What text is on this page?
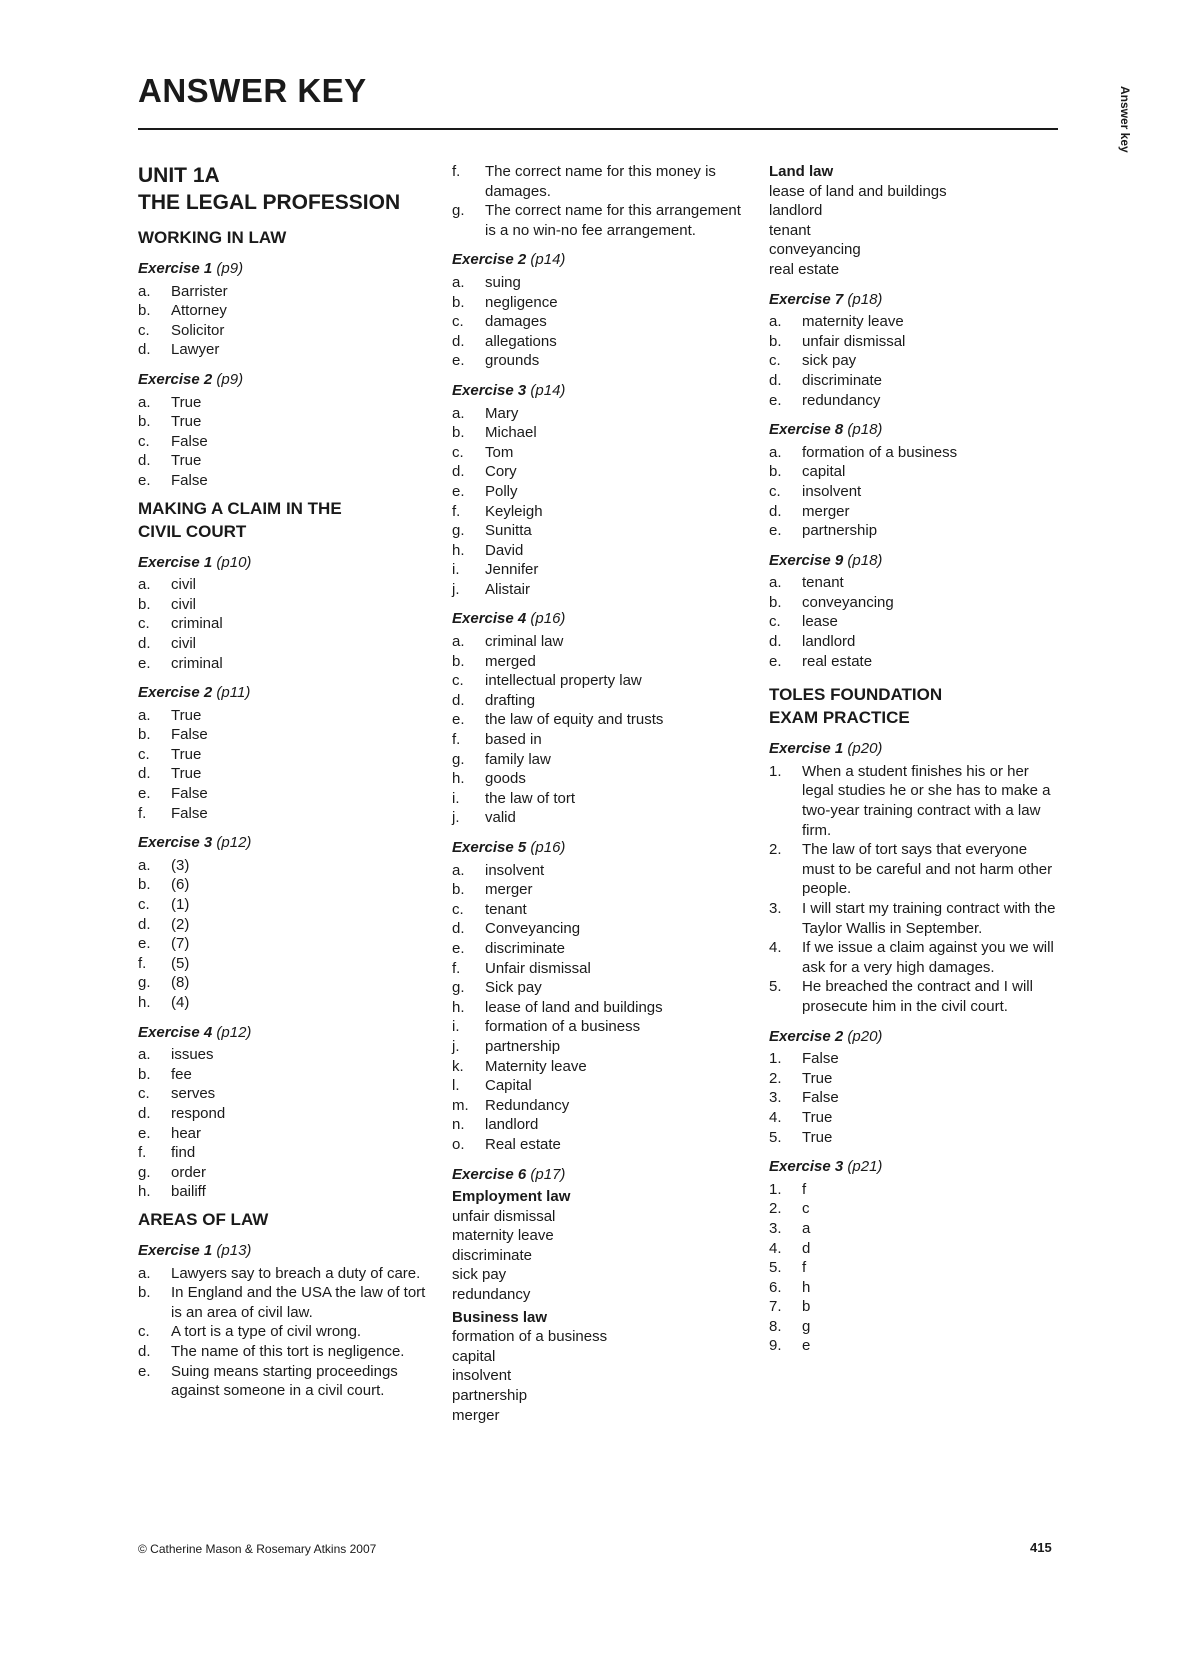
ANSWER KEY	Answer key
UNIT 1A
THE LEGAL PROFESSION
WORKING IN LAW
Exercise 1 (p9)
a.	Barrister
b.	Attorney
c.	Solicitor
d.	Lawyer
Exercise 2 (p9)
a.	True
b.	True
c.	False
d.	True
e.	False
MAKING A CLAIM IN THE
CIVIL COURT
Exercise 1 (p10)
a.	civil
b.	civil
c.	criminal
d.	civil
e.	criminal
Exercise 2 (p11)
a.	True
b.	False
c.	True
d.	True
e.	False
f.	False
Exercise 3 (p12)
a.	(3)
b.	(6)
c.	(1)
d.	(2)
e.	(7)
f.	(5)
g.	(8)
h.	(4)
Exercise 4 (p12)
a.	issues
b.	fee
c.	serves
d.	respond
e.	hear
f.	find
g.	order
h.	bailiff
AREAS OF LAW
Exercise 1 (p13)
a.	Lawyers say to breach a duty of care.
b.	In England and the USA the law of tort is an area of civil law.
c.	A tort is a type of civil wrong.
d.	The name of this tort is negligence.
e.	Suing means starting proceedings against someone in a civil court.
f.	The correct name for this money is damages.
g.	The correct name for this arrangement is a no win-no fee arrangement.
Exercise 2 (p14)
a.	suing
b.	negligence
c.	damages
d.	allegations
e.	grounds
Exercise 3 (p14)
a.	Mary
b.	Michael
c.	Tom
d.	Cory
e.	Polly
f.	Keyleigh
g.	Sunitta
h.	David
i.	Jennifer
j.	Alistair
Exercise 4 (p16)
a.	criminal law
b.	merged
c.	intellectual property law
d.	drafting
e.	the law of equity and trusts
f.	based in
g.	family law
h.	goods
i.	the law of tort
j.	valid
Exercise 5 (p16)
a.	insolvent
b.	merger
c.	tenant
d.	Conveyancing
e.	discriminate
f.	Unfair dismissal
g.	Sick pay
h.	lease of land and buildings
i.	formation of a business
j.	partnership
k.	Maternity leave
l.	Capital
m.	Redundancy
n.	landlord
o.	Real estate
Exercise 6 (p17)
Employment law
unfair dismissal
maternity leave
discriminate
sick pay
redundancy
Business law
formation of a business
capital
insolvent
partnership
merger
Land law
lease of land and buildings
landlord
tenant
conveyancing
real estate
Exercise 7 (p18)
a.	maternity leave
b.	unfair dismissal
c.	sick pay
d.	discriminate
e.	redundancy
Exercise 8 (p18)
a.	formation of a business
b.	capital
c.	insolvent
d.	merger
e.	partnership
Exercise 9 (p18)
a.	tenant
b.	conveyancing
c.	lease
d.	landlord
e.	real estate
TOLES FOUNDATION
EXAM PRACTICE
Exercise 1 (p20)
1.	When a student finishes his or her legal studies he or she has to make a two-year training contract with a law firm.
2.	The law of tort says that everyone must to be careful and not harm other people.
3.	I will start my training contract with the Taylor Wallis in September.
4.	If we issue a claim against you we will ask for a very high damages.
5.	He breached the contract and I will prosecute him in the civil court.
Exercise 2 (p20)
1.	False
2.	True
3.	False
4.	True
5.	True
Exercise 3 (p21)
1.	f
2.	c
3.	a
4.	d
5.	f
6.	h
7.	b
8.	g
9.	e
© Catherine Mason & Rosemary Atkins 2007	415
